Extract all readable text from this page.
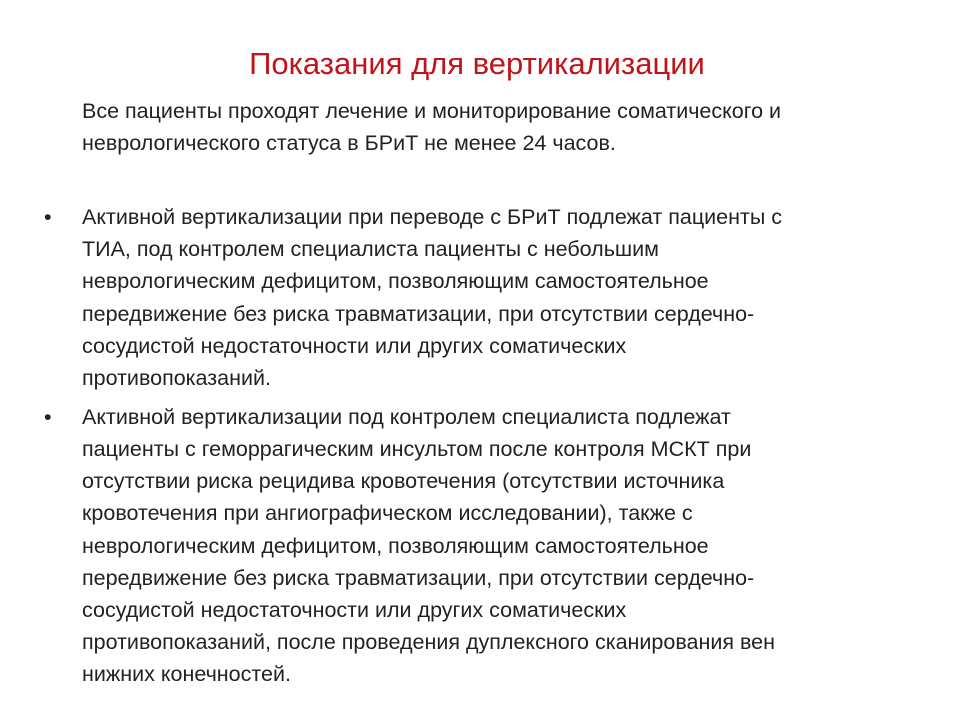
Показания для вертикализации
Все пациенты проходят лечение и мониторирование соматического и
неврологического статуса в БРиТ не менее 24 часов.
• Активной вертикализации при переводе с БРиТ подлежат пациенты с
ТИА, под контролем специалиста пациенты с небольшим
неврологическим дефицитом, позволяющим самостоятельное
передвижение без риска травматизации, при отсутствии сердечно-
сосудистой недостаточности или других соматических
противопоказаний.
• Активной вертикализации под контролем специалиста подлежат
пациенты с геморрагическим инсультом после контроля МСКТ при
отсутствии риска рецидива кровотечения (отсутствии источника
кровотечения при ангиографическом исследовании), также с
неврологическим дефицитом, позволяющим самостоятельное
передвижение без риска травматизации, при отсутствии сердечно-
сосудистой недостаточности или других соматических
противопоказаний, после проведения дуплексного сканирования вен
нижних конечностей.
